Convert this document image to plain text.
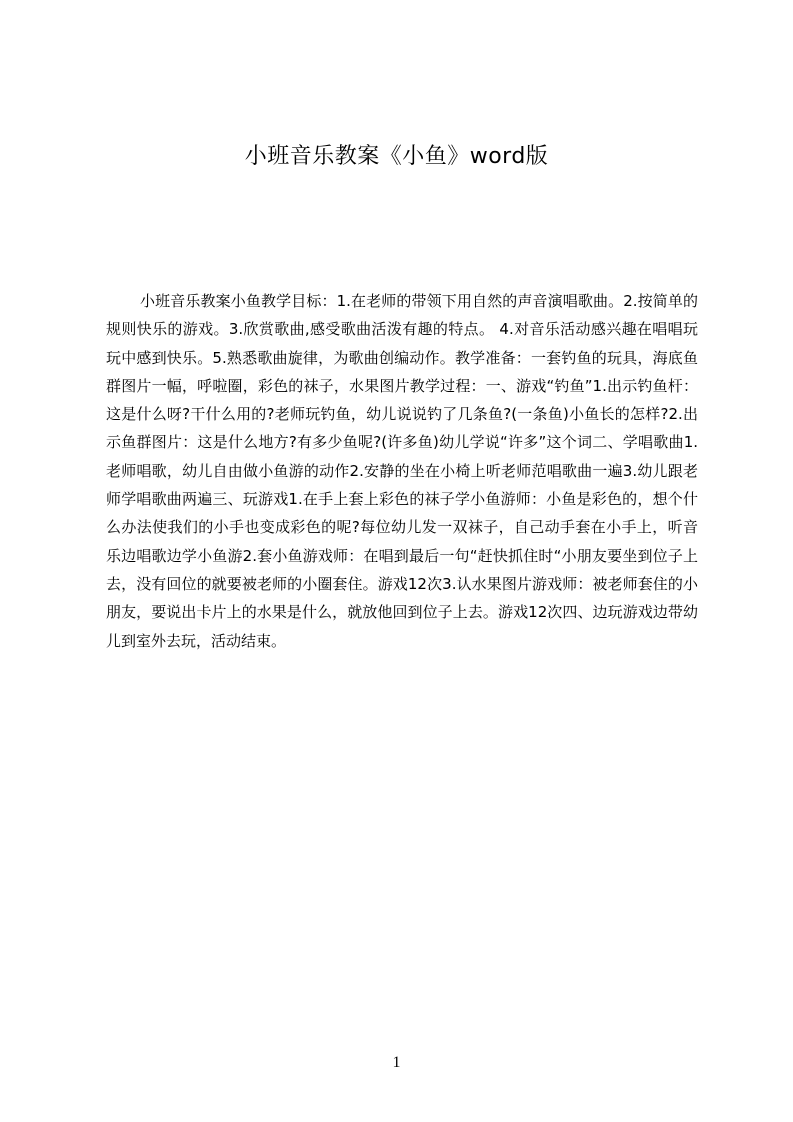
小班音乐教案《小鱼》word版
小班音乐教案小鱼教学目标：1.在老师的带领下用自然的声音演唱歌曲。2.按简单的规则快乐的游戏。3.欣赏歌曲,感受歌曲活泼有趣的特点。 4.对音乐活动感兴趣在唱唱玩玩中感到快乐。5.熟悉歌曲旋律，为歌曲创编动作。教学准备：一套钓鱼的玩具，海底鱼群图片一幅，呼啦圈，彩色的袜子，水果图片教学过程：一、游戏“钓鱼”1.出示钓鱼杆：这是什么呀?干什么用的?老师玩钓鱼，幼儿说说钓了几条鱼?(一条鱼)小鱼长的怎样?2.出示鱼群图片：这是什么地方?有多少鱼呢?(许多鱼)幼儿学说“许多”这个词二、学唱歌曲1.老师唱歌，幼儿自由做小鱼游的动作2.安静的坐在小椅上听老师范唱歌曲一遍3.幼儿跟老师学唱歌曲两遍三、玩游戏1.在手上套上彩色的袜子学小鱼游师：小鱼是彩色的，想个什么办法使我们的小手也变成彩色的呢?每位幼儿发一双袜子，自己动手套在小手上，听音乐边唱歌边学小鱼游2.套小鱼游戏师：在唱到最后一句“赶快抓住时“小朋友要坐到位子上去，没有回位的就要被老师的小圈套住。游戏12次3.认水果图片游戏师：被老师套住的小朋友，要说出卡片上的水果是什么，就放他回到位子上去。游戏12次四、边玩游戏边带幼儿到室外去玩，活动结束。
1
